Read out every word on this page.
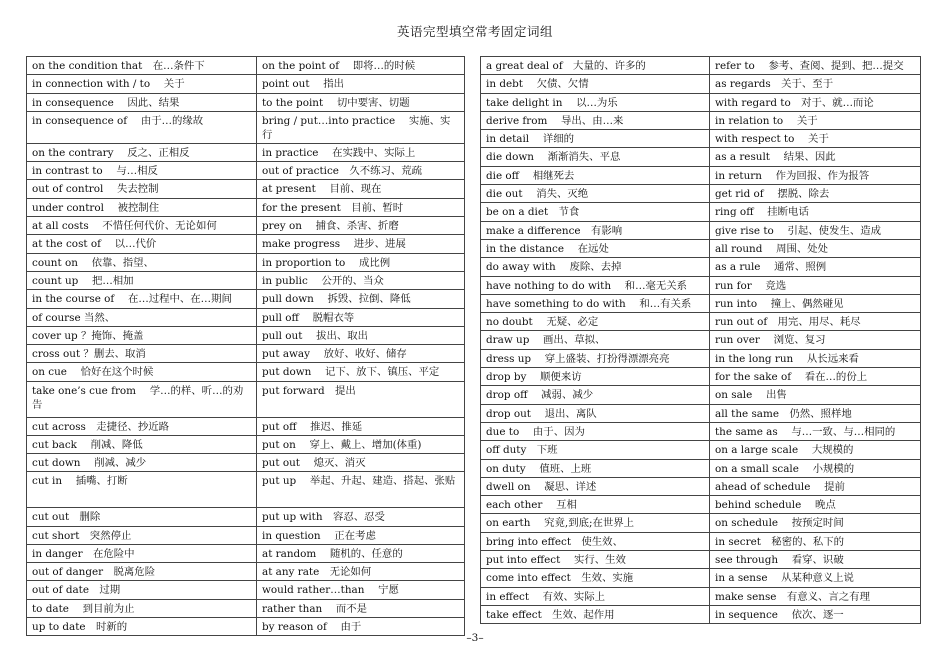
英语完型填空常考固定词组
on the condition that　在…条件下	on the point of　 即将…的时候
in connection with / to　 关于	point out　 指出
in consequence　 因此、结果	to the point　 切中要害、切题
in consequence of　 由于…的缘故	bring / put…into practice　 实施、实行
on the contrary　 反之、正相反	in practice　 在实践中、实际上
in contrast to　 与…相反	out of practice　久不练习、荒疏
out of control　 失去控制	at present　 目前、现在
under control　 被控制住	for the present　目前、暂时
at all costs　 不惜任何代价、无论如何	prey on　 捕食、杀害、折磨
at the cost of　 以…代价	make progress　 进步、进展
count on　 依靠、指望、	in proportion to　 成比例
count up　 把…相加	in public　 公开的、当众
in the course of　 在…过程中、在…期间	pull down　 拆毁、拉倒、降低
of course 当然、	pull off　 脱帽衣等
cover up ？掩饰、掩盖	pull out　 拔出、取出
cross out ？删去、取消	put away　 放好、收好、储存
on cue　 恰好在这个时候	put down　 记下、放下、镇压、平定
take one’s cue from　 学…的样、听…的劝告	put forward　提出
cut across　走捷径、抄近路	put off　 推迟、推延
cut back　 削减、降低	put on　 穿上、戴上、增加(体重)
cut down　 削减、减少	put out　 熄灭、消灭
cut in　 插嘴、打断	put up　 举起、升起、建造、搭起、张贴
cut out　删除	put up with　容忍、忍受
cut short　突然停止	in question　 正在考虑
in danger　在危险中	at random　 随机的、任意的
out of danger　脱离危险	at any rate　无论如何
out of date　过期	would rather…than　 宁愿
to date　 到目前为止	rather than　 而不是
up to date　时新的	by reason of　 由于
a great deal of　大量的、许多的	refer to　 参考、查阅、提到、把…提交
in debt　 欠债、欠情	as regards　关于、至于
take delight in　 以…为乐	with regard to　对于、就…而论
derive from　 导出、由…来	in relation to　 关于
in detail　 详细的	with respect to　 关于
die down　 渐渐消失、平息	as a result　 结果、因此
die off　 相继死去	in return　 作为回报、作为报答
die out　 消失、灭绝	get rid of　 摆脱、除去
be on a diet　节食	ring off　 挂断电话
make a difference　有影响	give rise to　 引起、使发生、造成
in the distance　 在远处	all round　 周围、处处
do away with　 废除、去掉	as a rule　 通常、照例
have nothing to do with　 和…毫无关系	run for　 竞选
have something to do with　 和…有关系	run into　 撞上、偶然碰见
no doubt　 无疑、必定	run out of　用完、用尽、耗尽
draw up　 画出、草拟、	run over　 浏览、复习
dress up　 穿上盛装、打扮得漂漂亮亮	in the long run　 从长远来看
drop by　 顺便来访	for the sake of　 看在…的份上
drop off　 减弱、减少	on sale　 出售
drop out　 退出、离队	all the same　仍然、照样地
due to　 由于、因为	the same as　 与…一致、与…相同的
off duty　下班	on a large scale　 大规模的
on duty　 值班、上班	on a small scale　 小规模的
dwell on　 凝思、详述	ahead of schedule　 提前
each other　 互相	behind schedule　 晚点
on earth　 究竟,到底;在世界上	on schedule　 按预定时间
bring into effect　使生效、	in secret　秘密的、私下的
put into effect　 实行、生效	see through　 看穿、识破
come into effect　生效、实施	in a sense　 从某种意义上说
in effect　 有效、实际上	make sense　有意义、言之有理
take effect　生效、起作用	in sequence　 依次、逐一
–3–
